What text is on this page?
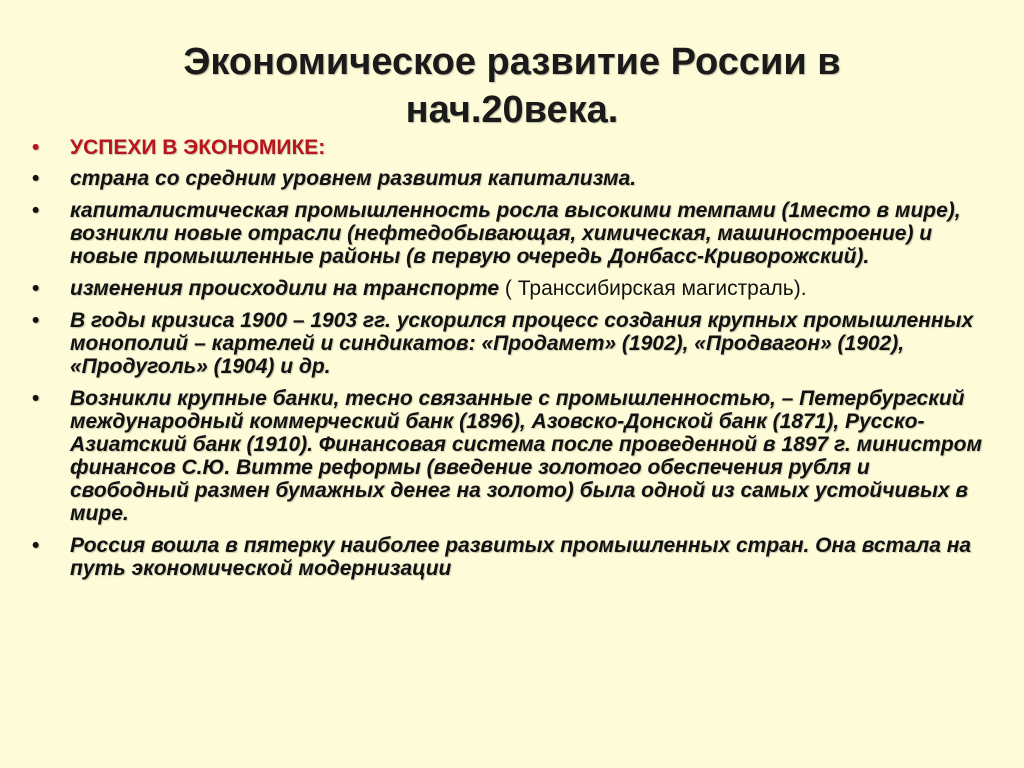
Экономическое развитие России в
нач.20века.
• УСПЕХИ В ЭКОНОМИКЕ:
• страна со средним уровнем развития капитализма.
• капиталистическая промышленность росла высокими темпами (1место в мире), возникли новые отрасли (нефтедобывающая, химическая, машиностроение) и новые промышленные районы (в первую очередь Донбасс-Криворожский).
• изменения происходили на транспорте ( Транссибирская магистраль).
• В годы кризиса 1900 – 1903 гг. ускорился процесс создания крупных промышленных монополий – картелей и синдикатов: «Продамет» (1902), «Продвагон» (1902), «Продуголь» (1904) и др.
• Возникли крупные банки, тесно связанные с промышленностью, – Петербургский международный коммерческий банк (1896), Азовско-Донской банк (1871), Русско-Азиатский банк (1910). Финансовая система после проведенной в 1897 г. министром финансов С.Ю. Витте реформы (введение золотого обеспечения рубля и свободный размен бумажных денег на золото) была одной из самых устойчивых в мире.
• Россия вошла в пятерку наиболее развитых промышленных стран. Она встала на путь экономической модернизации
